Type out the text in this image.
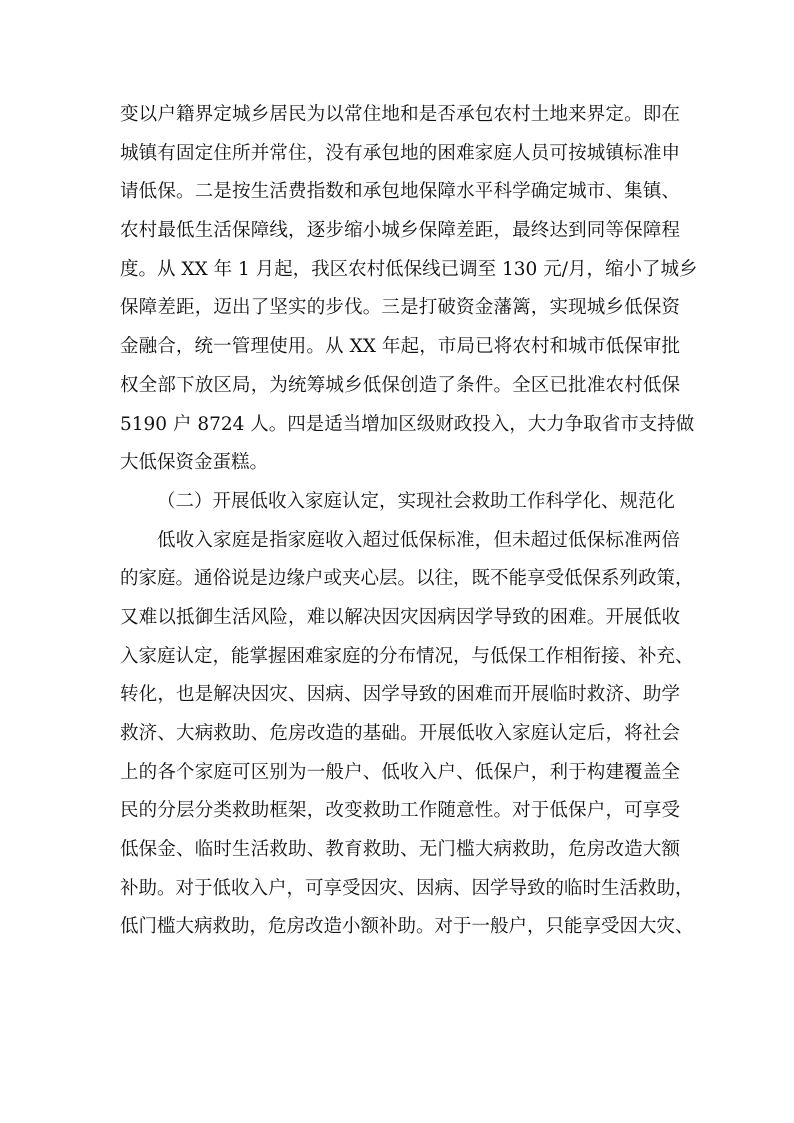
变以户籍界定城乡居民为以常住地和是否承包农村土地来界定。即在
城镇有固定住所并常住，没有承包地的困难家庭人员可按城镇标准申
请低保。二是按生活费指数和承包地保障水平科学确定城市、集镇、
农村最低生活保障线，逐步缩小城乡保障差距，最终达到同等保障程
度。从 XX 年 1 月起，我区农村低保线已调至 130 元/月，缩小了城乡
保障差距，迈出了坚实的步伐。三是打破资金藩篱，实现城乡低保资
金融合，统一管理使用。从 XX 年起，市局已将农村和城市低保审批
权全部下放区局，为统筹城乡低保创造了条件。全区已批准农村低保
5190 户 8724 人。四是适当增加区级财政投入，大力争取省市支持做
大低保资金蛋糕。
（二）开展低收入家庭认定，实现社会救助工作科学化、规范化
低收入家庭是指家庭收入超过低保标准，但未超过低保标准两倍
的家庭。通俗说是边缘户或夹心层。以往，既不能享受低保系列政策，
又难以抵御生活风险，难以解决因灾因病因学导致的困难。开展低收
入家庭认定，能掌握困难家庭的分布情况，与低保工作相衔接、补充、
转化，也是解决因灾、因病、因学导致的困难而开展临时救济、助学
救济、大病救助、危房改造的基础。开展低收入家庭认定后，将社会
上的各个家庭可区别为一般户、低收入户、低保户，利于构建覆盖全
民的分层分类救助框架，改变救助工作随意性。对于低保户，可享受
低保金、临时生活救助、教育救助、无门槛大病救助，危房改造大额
补助。对于低收入户，可享受因灾、因病、因学导致的临时生活救助，
低门槛大病救助，危房改造小额补助。对于一般户，只能享受因大灾、
